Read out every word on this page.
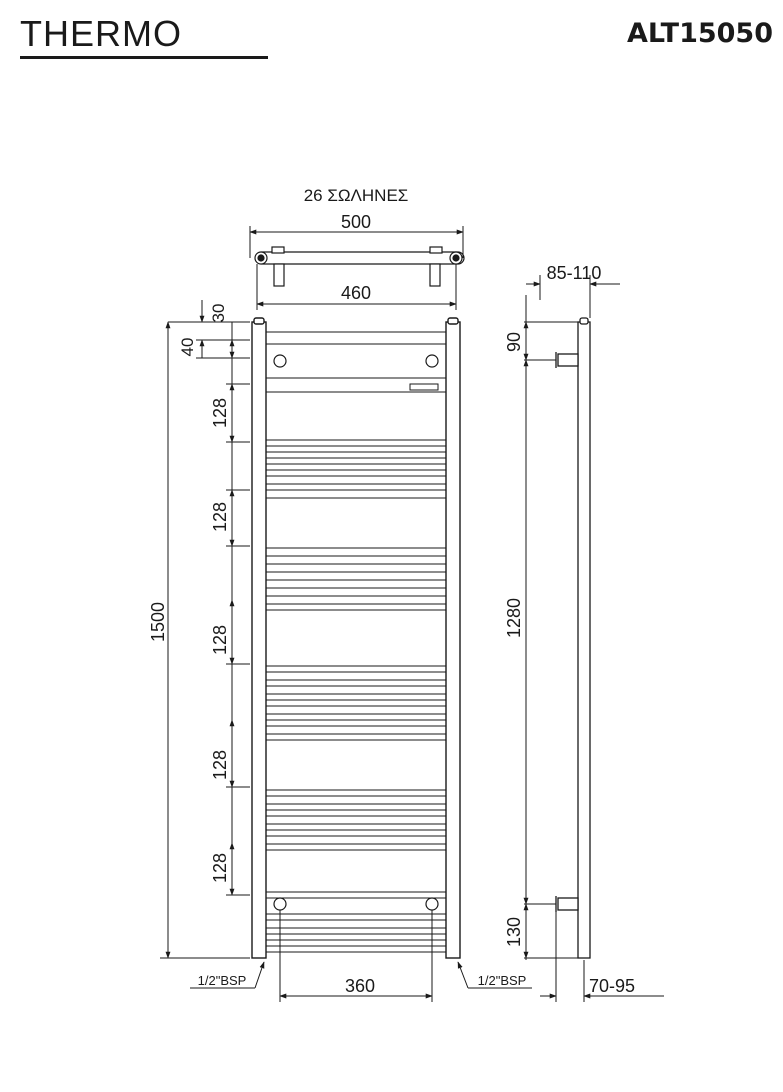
THERMO	ALT15050
26 ΣΩΛΗΝΕΣ
500
460
30
40
128
128
128
128
128
1500
360
1/2"BSP	1/2"BSP
85-110
90
1280
130
70-95
